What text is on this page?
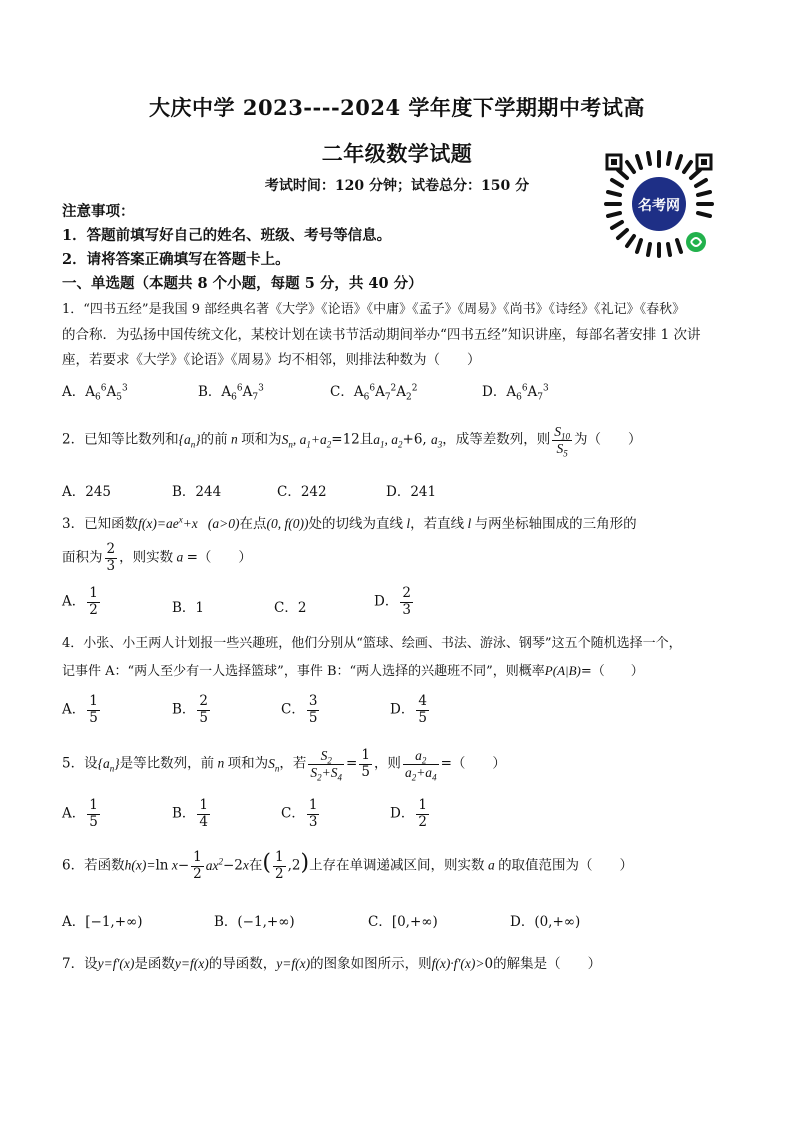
大庆中学 2023----2024 学年度下学期期中考试高
二年级数学试题
考试时间：120 分钟；试卷总分：150 分
名考网
注意事项：
1．答题前填写好自己的姓名、班级、考号等信息。
2．请将答案正确填写在答题卡上。
一、单选题（本题共 8 个小题，每题 5 分，共 40 分）
1．“四书五经”是我国 9 部经典名著《大学》《论语》《中庸》《孟子》《周易》《尚书》《诗经》《礼记》《春秋》
的合称．为弘扬中国传统文化，某校计划在读书节活动期间举办“四书五经”知识讲座，每部名著安排 1 次讲
座，若要求《大学》《论语》《周易》均不相邻，则排法种数为（　　）
A．$A_6^6A_5^3$	B．$A_6^6A_7^3$	C．$A_6^6A_7^2A_2^2$	D．$A_6^6A_7^3$
2．已知等比数列和$\{a_n\}$的前 n 项和为$S_n$, $a_1+a_2=12$且$a_1$, $a_2+6$, $a_3$，成等差数列，则 $\frac{S_{10}}{S_5}$ 为（　　）
A．245	B．244	C．242	D．241
3．已知函数$f(x)=ae^x+x$   (a>0)在点(0, f(0))处的切线为直线 l，若直线 l 与两坐标轴围成的三角形的
面积为 $\frac{2}{3}$ ，则实数 a =（　　）
A． $\frac{1}{2}$	B．1	C．2	D． $\frac{2}{3}$
4．小张、小王两人计划报一些兴趣班，他们分别从“篮球、绘画、书法、游泳、钢琴”这五个随机选择一个，
记事件 A：“两人至少有一人选择篮球”，事件 B：“两人选择的兴趣班不同”，则概率P(A|B)=（　　）
A． $\frac{1}{5}$	B． $\frac{2}{5}$	C． $\frac{3}{5}$	D． $\frac{4}{5}$
5．设$\{a_n\}$是等比数列，前 n 项和为$S_n$，若 $\frac{S_2}{S_2+S_4} = \frac{1}{5}$ ，则 $\frac{a_2}{a_2+a_4}$ =（　　）
A． $\frac{1}{5}$	B． $\frac{1}{4}$	C． $\frac{1}{3}$	D． $\frac{1}{2}$
6．若函数h(x)=ln $x- \frac{1}{2} ax^2-2x$在( $\frac{1}{2} ,2$)上存在单调递减区间，则实数 a 的取值范围为（　　）
A．[−1,+∞)	B．(−1,+∞)	C．[0,+∞)	D．(0,+∞)
7．设y=f′(x)是函数y=f(x)的导函数，y=f(x)的图象如图所示，则f(x)·f′(x)>0的解集是（　　）
